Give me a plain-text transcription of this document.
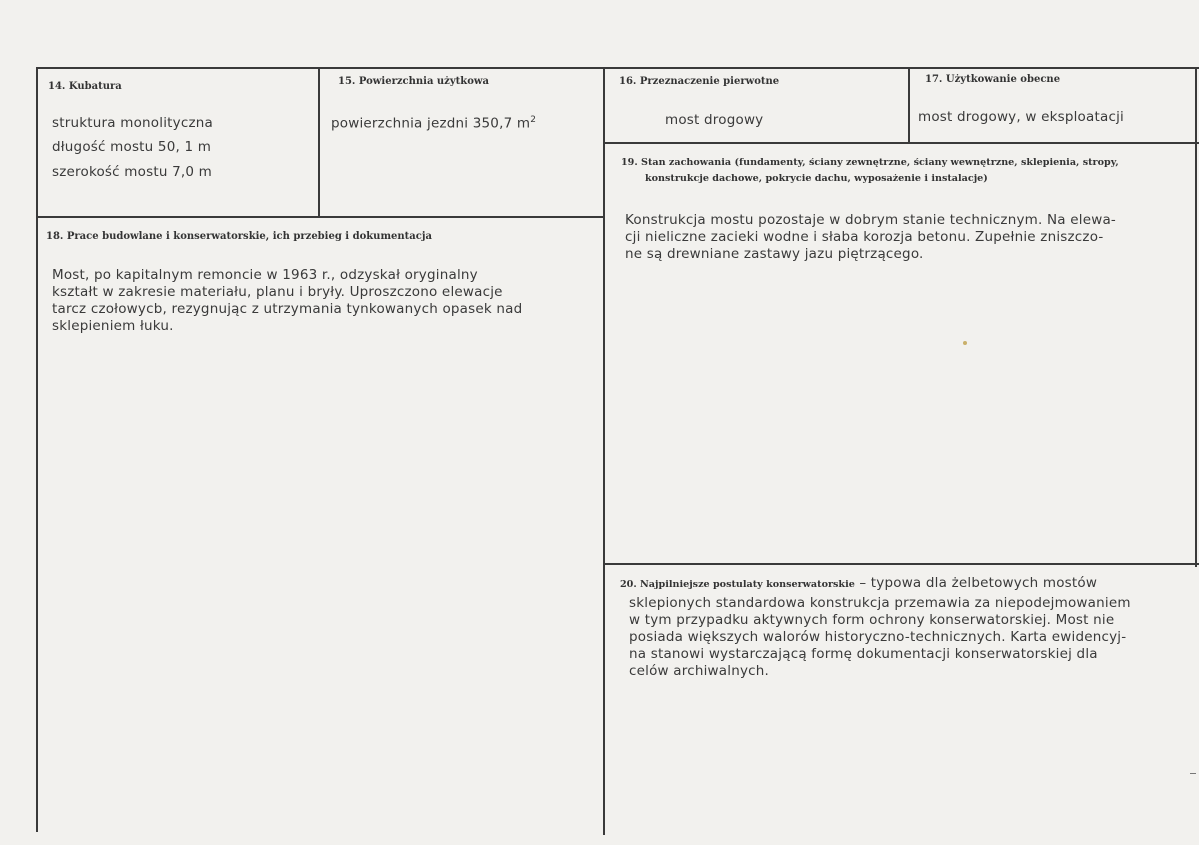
14. Kubatura
struktura monolityczna
długość mostu 50, 1 m
szerokość mostu 7,0 m
15. Powierzchnia użytkowa
powierzchnia jezdni 350,7 $m^2$
16. Przeznaczenie pierwotne
most drogowy
17. Użytkowanie obecne
most drogowy, w eksploatacji
19. Stan zachowania (fundamenty, ściany zewnętrzne, ściany wewnętrzne, sklepienia, stropy,
konstrukcje dachowe, pokrycie dachu, wyposażenie i instalacje)
Konstrukcja mostu pozostaje w dobrym stanie technicznym. Na elewa-
cji nieliczne zacieki wodne i słaba korozja betonu. Zupełnie zniszczo-
ne są drewniane zastawy jazu piętrzącego.
18. Prace budowlane i konserwatorskie, ich przebieg i dokumentacja
Most, po kapitalnym remoncie w 1963 r., odzyskał oryginalny
kształt w zakresie materiału, planu i bryły. Uproszczono elewacje
tarcz czołowycb, rezygnując z utrzymania tynkowanych opasek nad
sklepieniem łuku.
20. Najpilniejsze postulaty konserwatorskie – typowa dla żelbetowych mostów
sklepionych standardowa konstrukcja przemawia za niepodejmowaniem
w tym przypadku aktywnych form ochrony konserwatorskiej. Most nie
posiada większych walorów historyczno-technicznych. Karta ewidencyj-
na stanowi wystarczającą formę dokumentacji konserwatorskiej dla
celów archiwalnych.
